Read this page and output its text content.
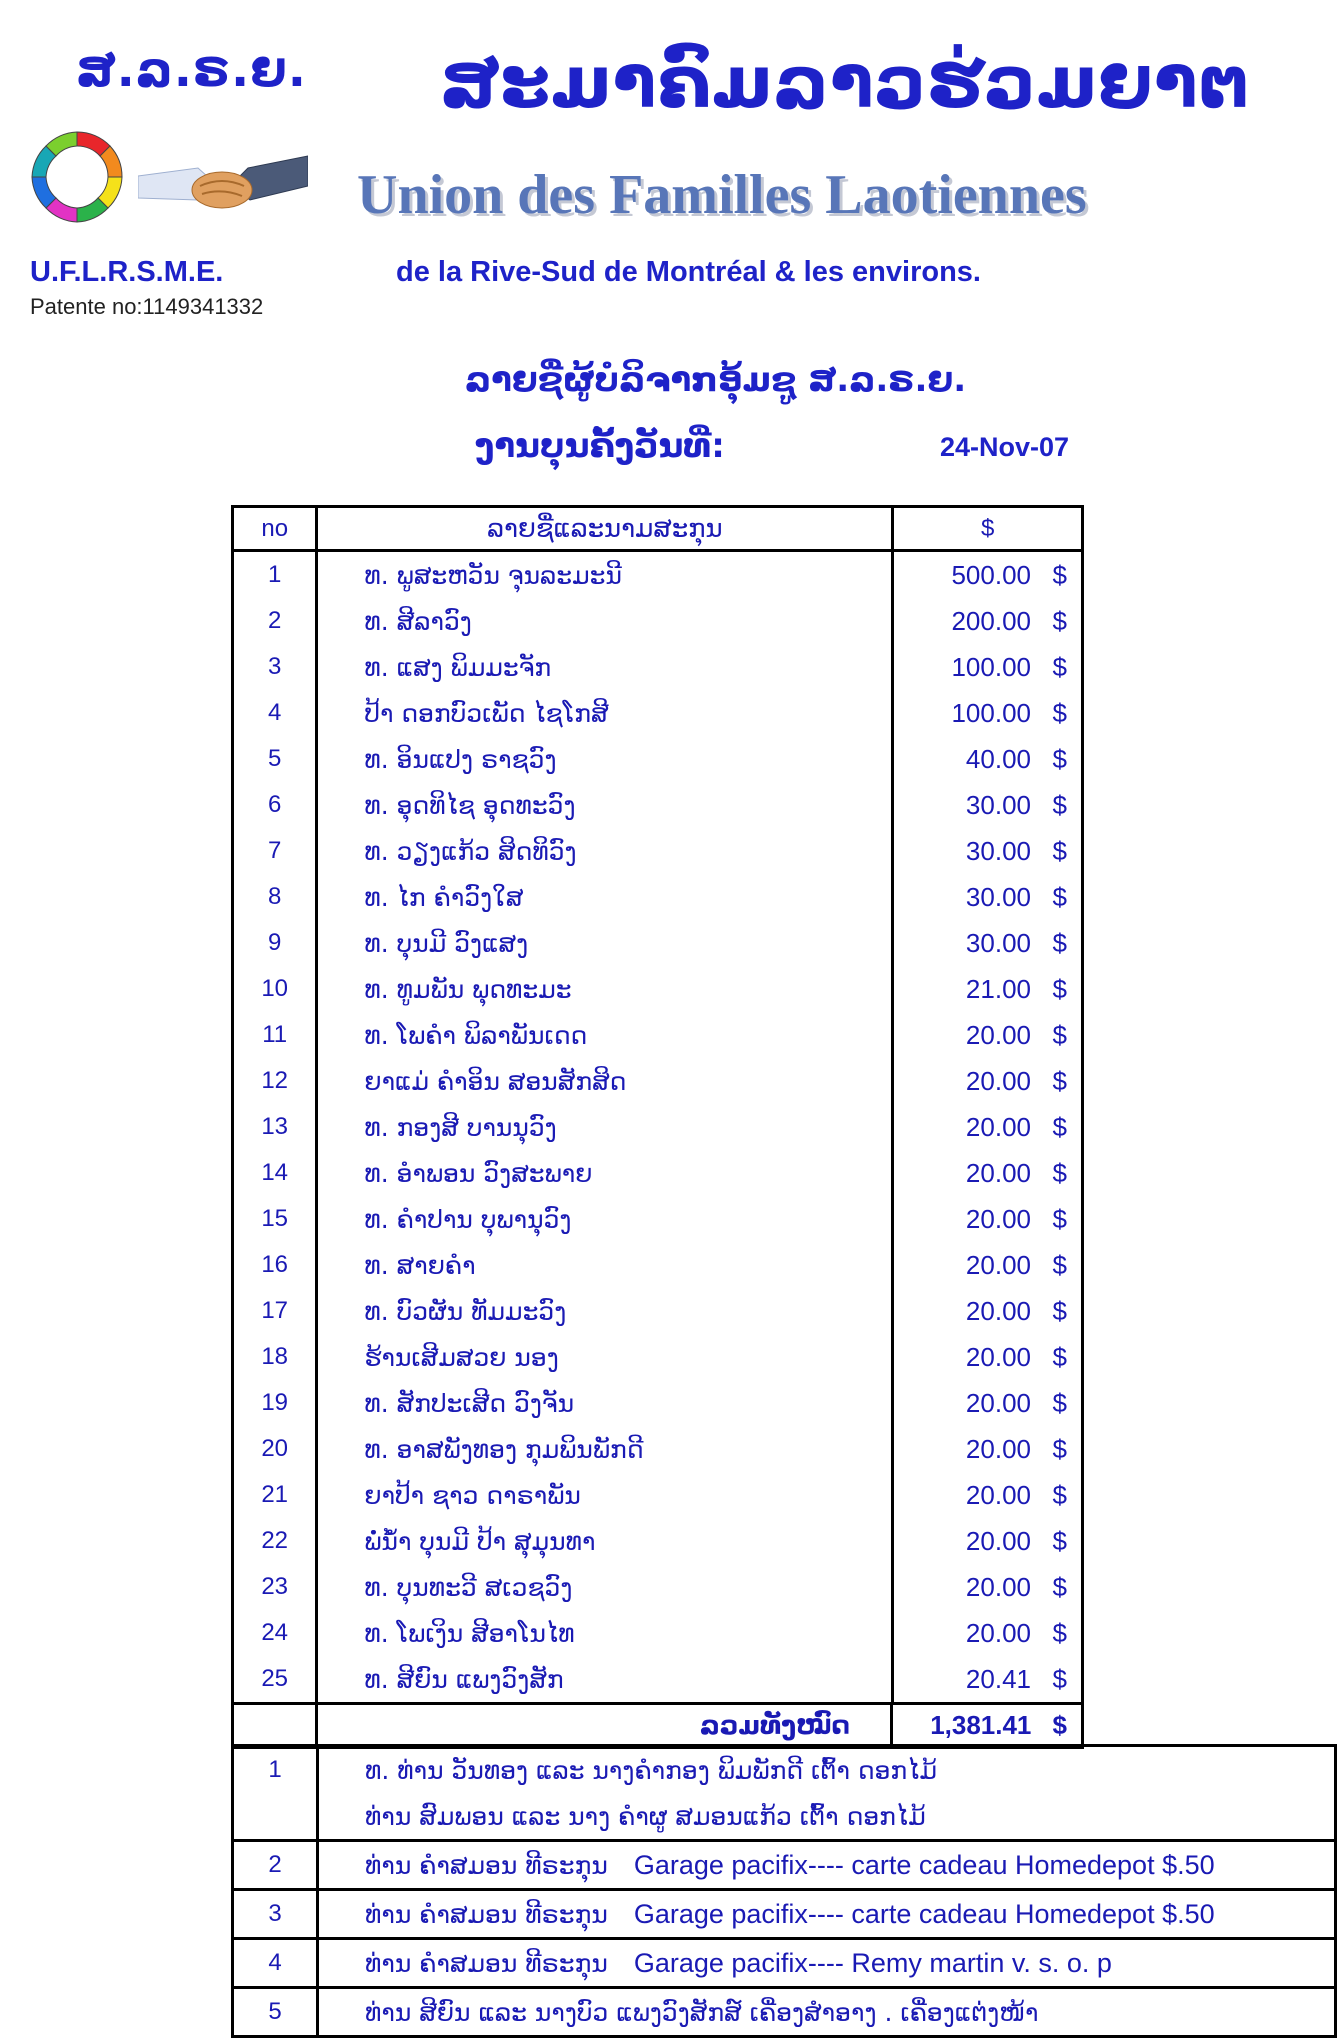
ສ.ລ.ຣ.ຍ. ສະມາຄົມລາວຮ່ວມຍາຕ
Union des Familles Laotiennes
U.F.L.R.S.M.E.
Patente no:1149341332
de la Rive-Sud de Montréal & les environs.
ລາຍຊື່ຜູ້ບໍລິຈາກອຸ້ມຊູ ສ.ລ.ຣ.ຍ.
ງານບຸນຄັ້ງວັນທີ່:	24-Nov-07
no	ລາຍຊື່ແລະນາມສະກຸນ	$
1	ທ. ພູສະຫວັນ ຈຸນລະມະນີ	500.00 $
2	ທ. ສີລາວົງ	200.00 $
3	ທ. ແສງ ພິມມະຈັກ	100.00 $
4	ປ້າ ດອກບົວເພັດ ໄຊໂກສີ	100.00 $
5	ທ. ອິນແປງ ຣາຊວົງ	40.00 $
6	ທ. ອຸດທິໄຊ ອຸດທະວົງ	30.00 $
7	ທ. ວຽງແກ້ວ ສິດທິວົງ	30.00 $
8	ທ. ໄກ ຄໍາວົງໃສ	30.00 $
9	ທ. ບຸນມີ ວົງແສງ	30.00 $
10	ທ. ທູມພັນ ພຸດທະມະ	21.00 $
11	ທ. ໂພຄໍາ ພິລາພັນເດດ	20.00 $
12	ຍາແມ່ ຄໍາອິນ ສອນສັກສິດ	20.00 $
13	ທ. ກອງສີ ບານນຸວົງ	20.00 $
14	ທ. ອໍາພອນ ວົງສະພາຍ	20.00 $
15	ທ. ຄໍາປານ ບຸພານຸວົງ	20.00 $
16	ທ. ສາຍຄໍາ	20.00 $
17	ທ. ບົວຜັນ ທັມມະວົງ	20.00 $
18	ຮ້ານເສີມສວຍ ນອງ	20.00 $
19	ທ. ສັກປະເສີດ ວົງຈັນ	20.00 $
20	ທ. ອາສພັງທອງ ກຸມພິນພັກດີ	20.00 $
21	ຍາປ້າ ຊາວ ດາຣາພັນ	20.00 $
22	ພໍ່ນ້ໍາ ບຸນມີ ປ້າ ສຸມຸນທາ	20.00 $
23	ທ. ບຸນທະວີ ສເວຊວົງ	20.00 $
24	ທ. ໂພເງິນ ສີອາໂນໄທ	20.00 $
25	ທ. ສີຍົນ ແພງວົງສັກ	20.41 $
ລວມທັງໝົດ	1,381.41 $
1	ທ. ທ່ານ ວັນທອງ ແລະ ນາງຄໍາກອງ ພິມພັກດີ ເຕົ້າ ດອກໄມ້
ທ່ານ ສົມພອນ ແລະ ນາງ ຄໍາຜູ ສມອນແກ້ວ ເຕົ້າ ດອກໄມ້
2	ທ່ານ ຄໍາສມອນ ທີຣະກຸນ Garage pacifix---- carte cadeau Homedepot $.50
3	ທ່ານ ຄໍາສມອນ ທີຣະກຸນ Garage pacifix---- carte cadeau Homedepot $.50
4	ທ່ານ ຄໍາສມອນ ທີຣະກຸນ Garage pacifix---- Remy martin v. s. o. p
5	ທ່ານ ສີຍົນ ແລະ ນາງບົວ ແພງວົງສັກສ໌ ເຄື່ອງສໍາອາງ . ເຄື່ອງແຕ່ງໜ້າ
